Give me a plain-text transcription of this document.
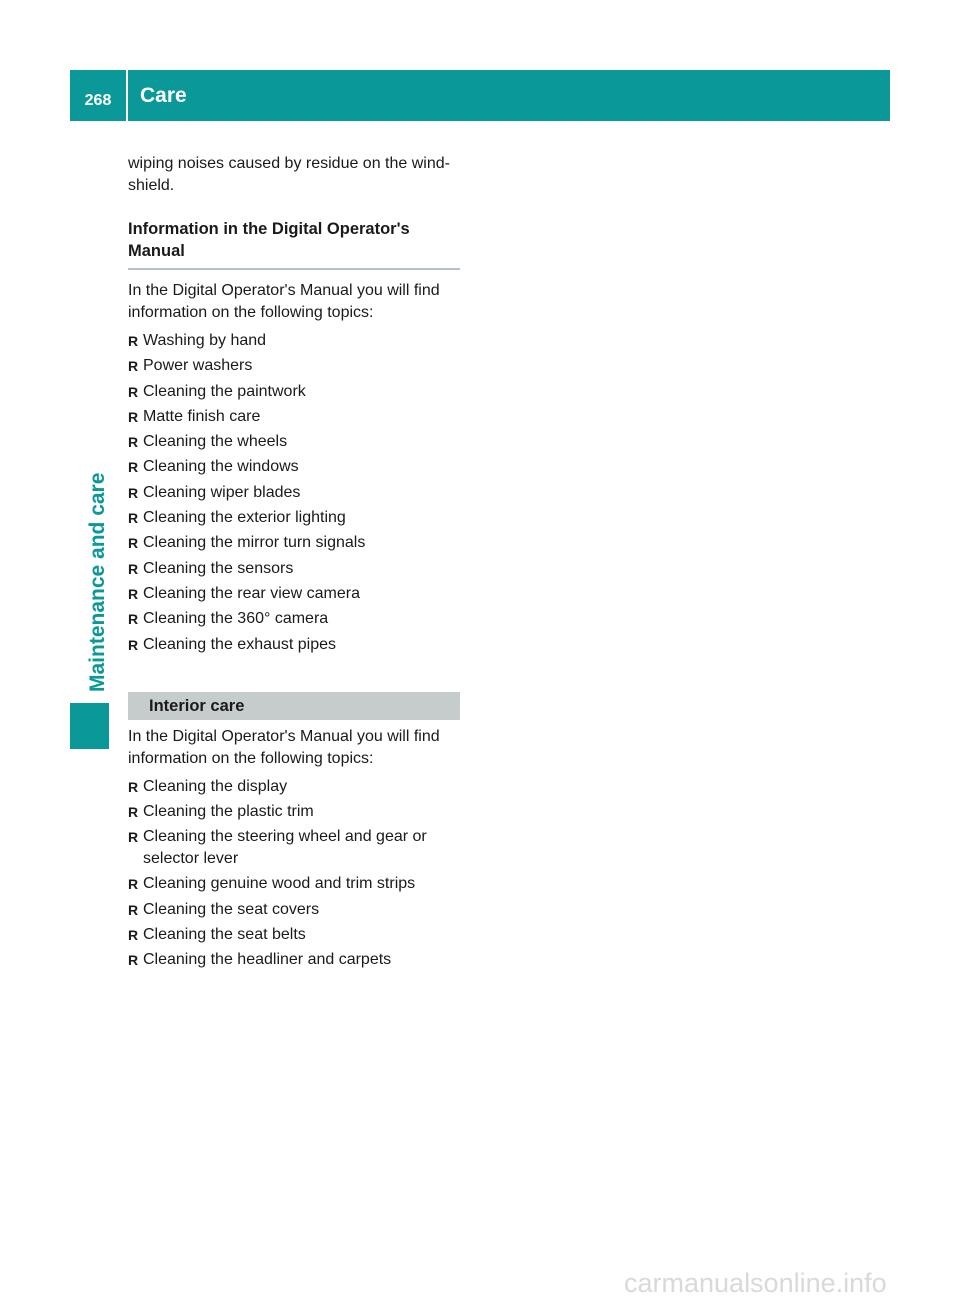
268	Care
Maintenance and care
wiping noises caused by residue on the wind-
shield.
Information in the Digital Operator's Manual
In the Digital Operator's Manual you will find information on the following topics:
R Washing by hand
R Power washers
R Cleaning the paintwork
R Matte finish care
R Cleaning the wheels
R Cleaning the windows
R Cleaning wiper blades
R Cleaning the exterior lighting
R Cleaning the mirror turn signals
R Cleaning the sensors
R Cleaning the rear view camera
R Cleaning the 360° camera
R Cleaning the exhaust pipes
Interior care
In the Digital Operator's Manual you will find information on the following topics:
R Cleaning the display
R Cleaning the plastic trim
R Cleaning the steering wheel and gear or selector lever
R Cleaning genuine wood and trim strips
R Cleaning the seat covers
R Cleaning the seat belts
R Cleaning the headliner and carpets
carmanualsonline.info
